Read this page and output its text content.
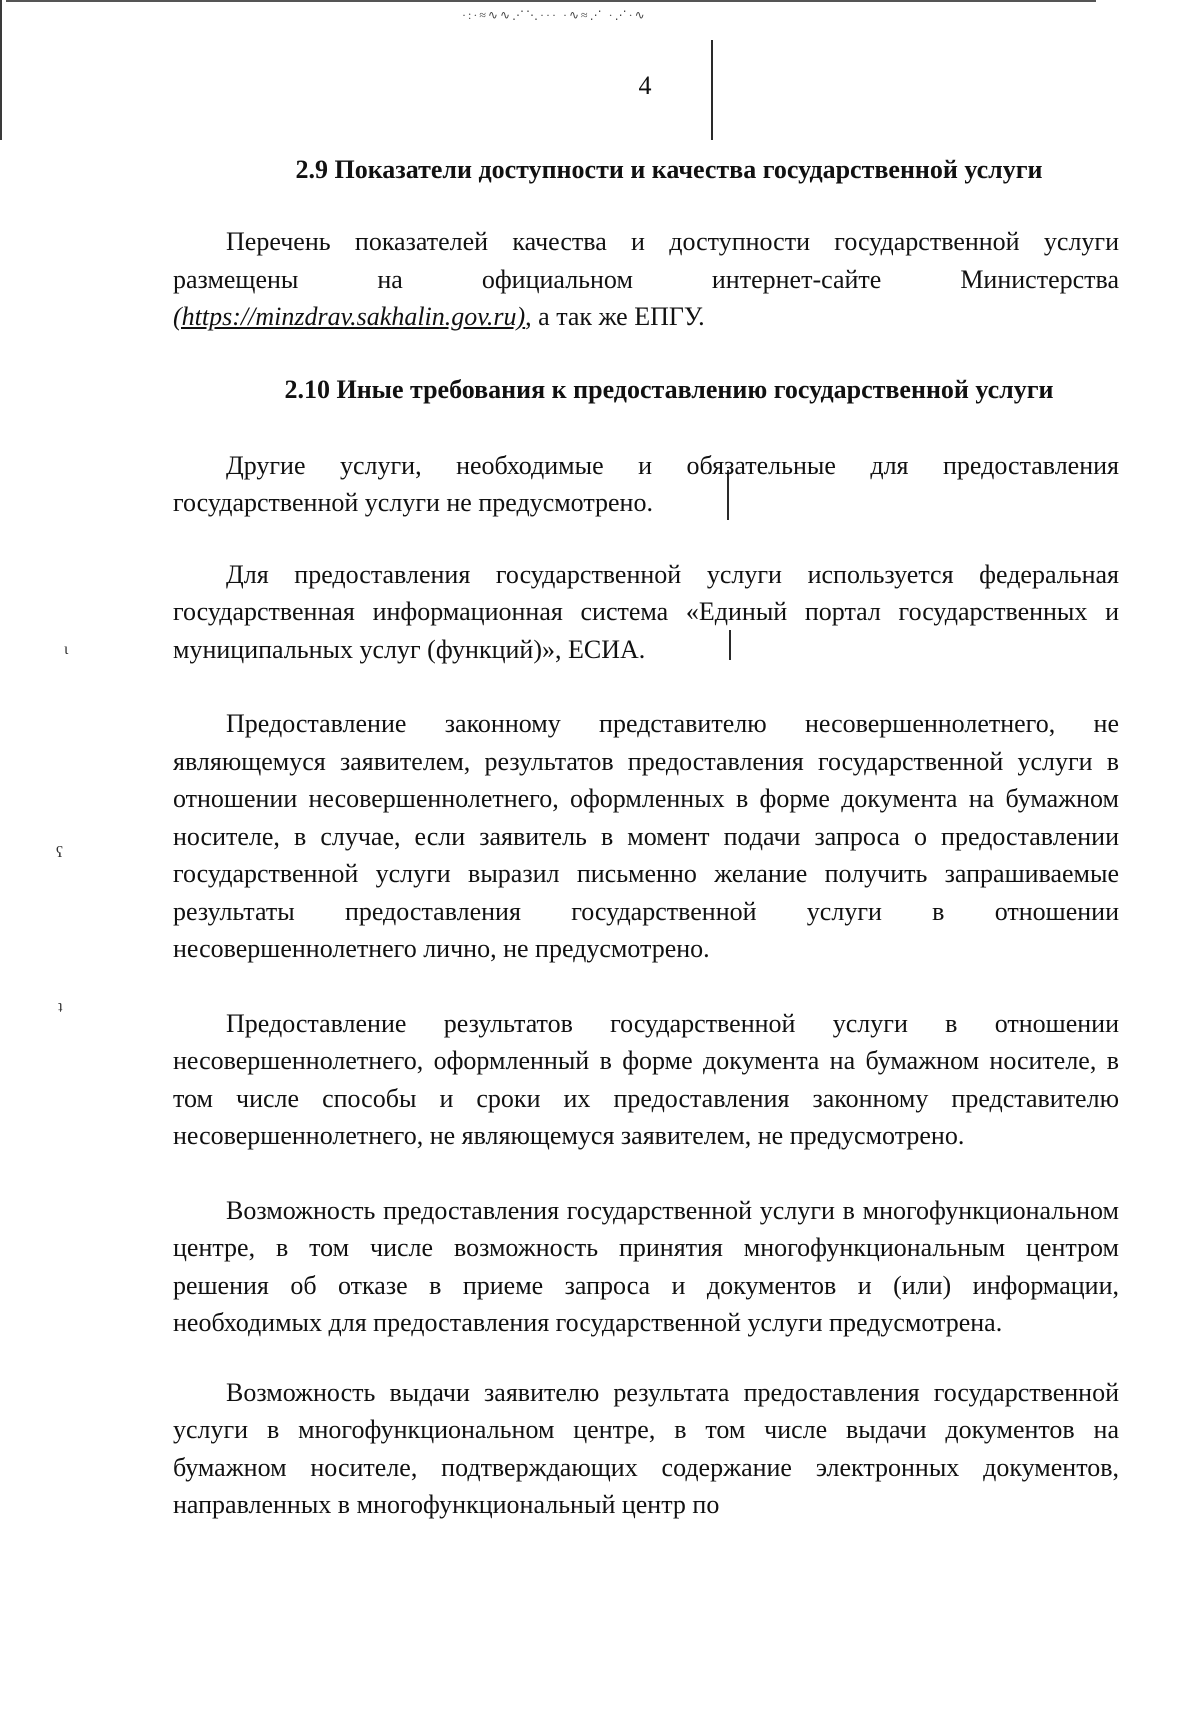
·:·≈∿∿⋰⋱··· ·∿≈⋰ ·⋰·∿
ɩ
ʕ
ʇ
4
2.9 Показатели доступности и качества государственной услуги

Перечень показателей качества и доступности государственной услуги размещены на официальном интернет-сайте Министерства (https://minzdrav.sakhalin.gov.ru), а так же ЕПГУ.

2.10 Иные требования к предоставлению государственной услуги

Другие услуги, необходимые и обязательные для предоставления государственной услуги не предусмотрено.

Для предоставления государственной услуги используется федеральная государственная информационная система «Единый портал государственных и муниципальных услуг (функций)», ЕСИА.

Предоставление законному представителю несовершеннолетнего, не являющемуся заявителем, результатов предоставления государственной услуги в отношении несовершеннолетнего, оформленных в форме документа на бумажном носителе, в случае, если заявитель в момент подачи запроса о предоставлении государственной услуги выразил письменно желание получить запрашиваемые результаты предоставления государственной услуги в отношении несовершеннолетнего лично, не предусмотрено.

Предоставление результатов государственной услуги в отношении несовершеннолетнего, оформленный в форме документа на бумажном носителе, в том числе способы и сроки их предоставления законному представителю несовершеннолетнего, не являющемуся заявителем, не предусмотрено.

Возможность предоставления государственной услуги в многофункциональном центре, в том числе возможность принятия многофункциональным центром решения об отказе в приеме запроса и документов и (или) информации, необходимых для предоставления государственной услуги предусмотрена.

Возможность выдачи заявителю результата предоставления государственной услуги в многофункциональном центре, в том числе выдачи документов на бумажном носителе, подтверждающих содержание электронных документов, направленных в многофункциональный центр по
